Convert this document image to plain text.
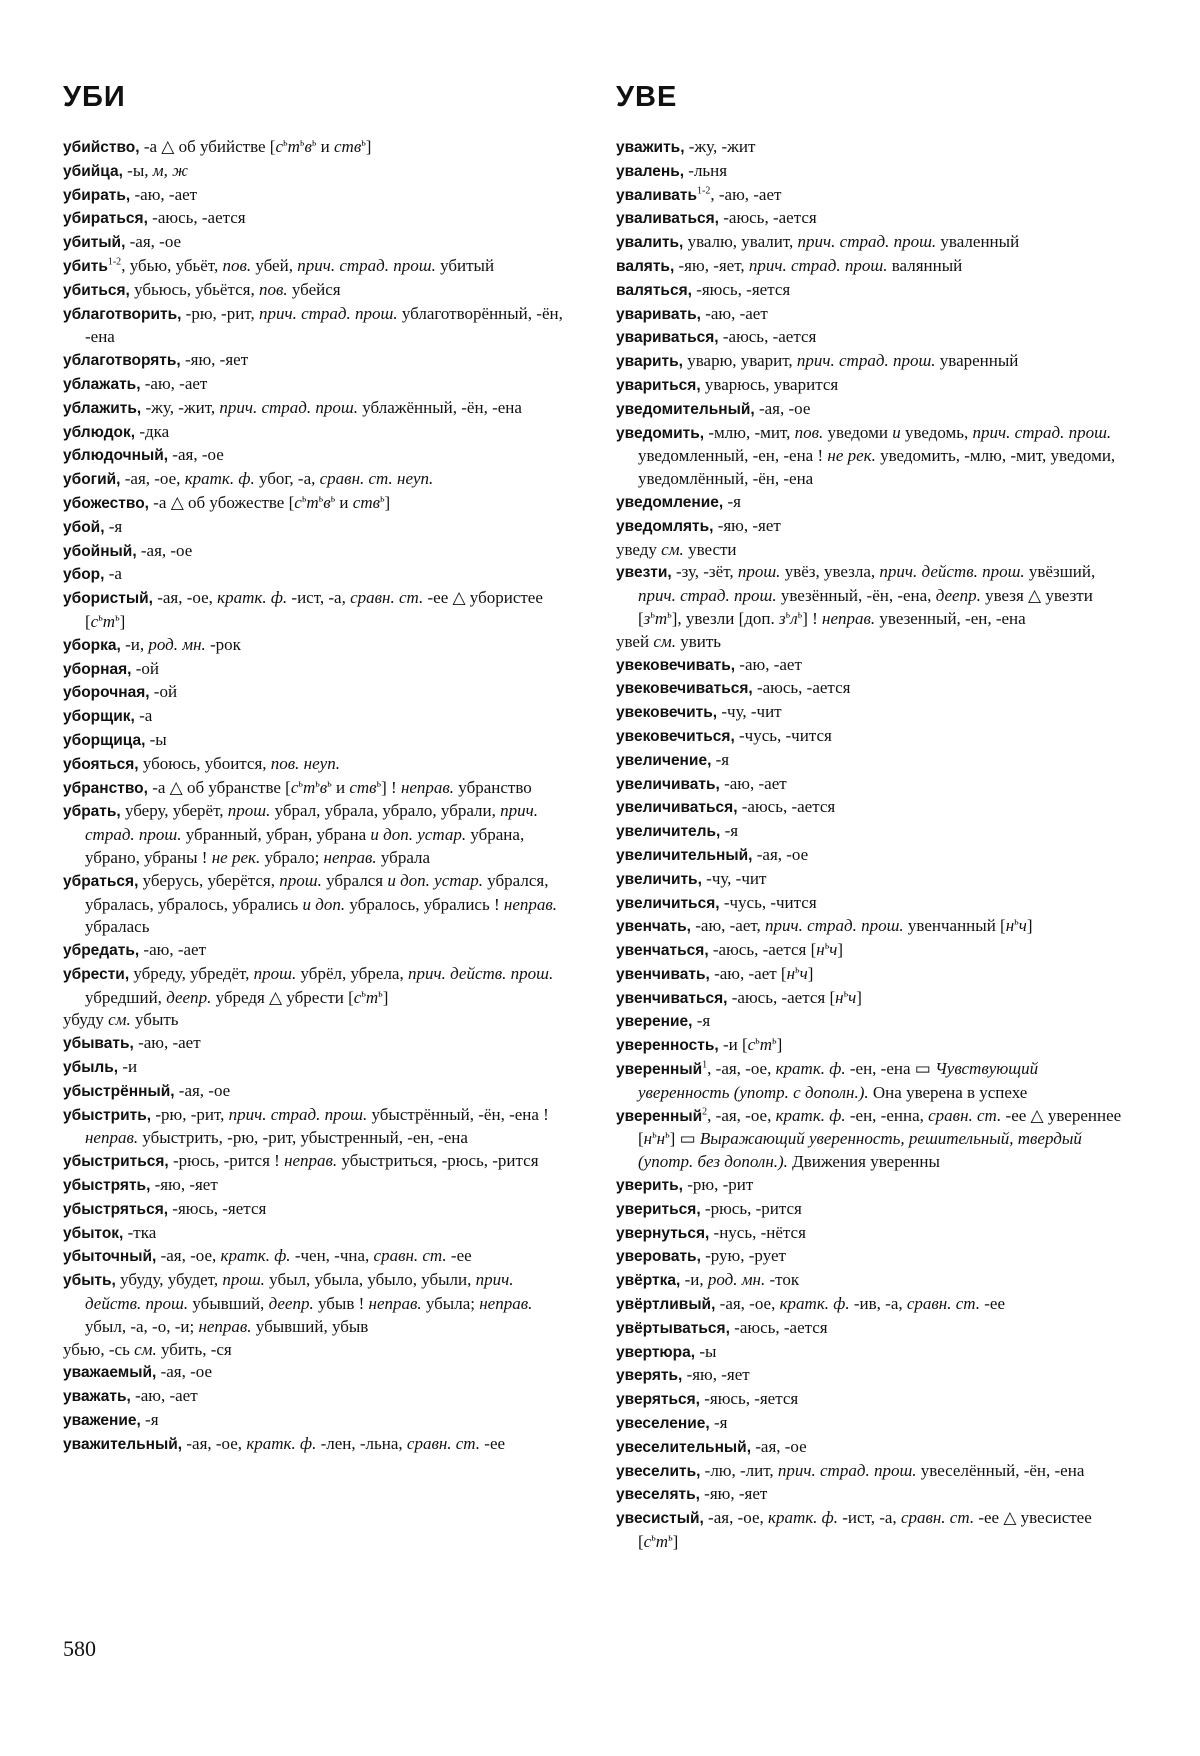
УБИ

убийство, -а △ об убийстве [$с^ьт^ьв^ь$ и ств$^ь$]

убийца, -ы, м, ж

убирать, -аю, -ает

убираться, -аюсь, -ается

убитый, -ая, -ое

убить$^{1-2}$, убью, убьёт, пов. убей, прич. страд. прош. убитый

убиться, убьюсь, убьётся, пов. убейся

ублаготворить, -рю, -рит, прич. страд. прош. ублаготворённый, -ён, -ена

ублаготворять, -яю, -яет

ублажать, -аю, -ает

ублажить, -жу, -жит, прич. страд. прош. ублажённый, -ён, -ена

ублюдок, -дка

ублюдочный, -ая, -ое

убогий, -ая, -ое, кратк. ф. убог, -а, сравн. ст. неуп.

убожество, -а △ об убожестве [$с^ьт^ьв^ь$ и ств$^ь$]

убой, -я

убойный, -ая, -ое

убор, -а

убористый, -ая, -ое, кратк. ф. -ист, -а, сравн. ст. -ее △ убористее $[с^ьт^ь]$

уборка, -и, род. мн. -рок

уборная, -ой

уборочная, -ой

уборщик, -а

уборщица, -ы

убояться, убоюсь, убоится, пов. неуп.

убранство, -а △ об убранстве [$с^ьт^ьв^ь$ и ств$^ь$] ! неправ. убранство

убрать, уберу, уберёт, прош. убрал, убрала, убрало, убрали, прич. страд. прош. убранный, убран, убрана и доп. устар. убрана, убрано, убраны ! не рек. убрало; неправ. убрала

убраться, уберусь, уберётся, прош. убрался и доп. устар. убрался, убралась, убралось, убрались и доп. убралось, убрались ! неправ. убралась

убредать, -аю, -ает

убрести, убреду, убредёт, прош. убрёл, убрела, прич. действ. прош. убредший, деепр. убредя △ убрести $[с^ьт^ь]$

убуду см. убыть

убывать, -аю, -ает

убыль, -и

убыстрённый, -ая, -ое

убыстрить, -рю, -рит, прич. страд. прош. убыстрённый, -ён, -ена ! неправ. убыстрить, -рю, -рит, убыстренный, -ен, -ена

убыстриться, -рюсь, -рится ! неправ. убыстриться, -рюсь, -рится

убыстрять, -яю, -яет

убыстряться, -яюсь, -яется

убыток, -тка

убыточный, -ая, -ое, кратк. ф. -чен, -чна, сравн. ст. -ее

убыть, убуду, убудет, прош. убыл, убыла, убыло, убыли, прич. действ. прош. убывший, деепр. убыв ! неправ. убыла; неправ. убыл, -а, -о, -и; неправ. убывший, убыв

убью, -сь см. убить, -ся

уважаемый, -ая, -ое

уважать, -аю, -ает

уважение, -я

уважительный, -ая, -ое, кратк. ф. -лен, -льна, сравн. ст. -ее

УВЕ

уважить, -жу, -жит

увалень, -льня

уваливать$^{1-2}$, -аю, -ает

уваливаться, -аюсь, -ается

увалить, увалю, увалит, прич. страд. прош. уваленный

валять, -яю, -яет, прич. страд. прош. валянный

валяться, -яюсь, -яется

уваривать, -аю, -ает

увариваться, -аюсь, -ается

уварить, уварю, уварит, прич. страд. прош. уваренный

увариться, уварюсь, уварится

уведомительный, -ая, -ое

уведомить, -млю, -мит, пов. уведоми и уведомь, прич. страд. прош. уведомленный, -ен, -ена ! не рек. уведомить, -млю, -мит, уведоми, уведомлённый, -ён, -ена

уведомление, -я

уведомлять, -яю, -яет

уведу см. увести

увезти, -зу, -зёт, прош. увёз, увезла, прич. действ. прош. увёзший, прич. страд. прош. увезённый, -ён, -ена, деепр. увезя △ увезти $[з^ьт^ь]$, увезли [доп. $з^ьл^ь$] ! неправ. увезенный, -ен, -ена

увей см. увить

увековечивать, -аю, -ает

увековечиваться, -аюсь, -ается

увековечить, -чу, -чит

увековечиться, -чусь, -чится

увеличение, -я

увеличивать, -аю, -ает

увеличиваться, -аюсь, -ается

увеличитель, -я

увеличительный, -ая, -ое

увеличить, -чу, -чит

увеличиться, -чусь, -чится

увенчать, -аю, -ает, прич. страд. прош. увенчанный $[н^ьч]$

увенчаться, -аюсь, -ается $[н^ьч]$

увенчивать, -аю, -ает $[н^ьч]$

увенчиваться, -аюсь, -ается $[н^ьч]$

уверение, -я

уверенность, -и $[с^ьт^ь]$

уверенный$^1$, -ая, -ое, кратк. ф. -ен, -ена ▭ Чувствующий уверенность (употр. с дополн.). Она уверена в успехе

уверенный$^2$, -ая, -ое, кратк. ф. -ен, -енна, сравн. ст. -ее △ увереннее $[н^ьн^ь]$ ▭ Выражающий уверенность, решительный, твердый (употр. без дополн.). Движения уверенны

уверить, -рю, -рит

увериться, -рюсь, -рится

увернуться, -нусь, -нётся

уверовать, -рую, -рует

увёртка, -и, род. мн. -ток

увёртливый, -ая, -ое, кратк. ф. -ив, -а, сравн. ст. -ее

увёртываться, -аюсь, -ается

увертюра, -ы

уверять, -яю, -яет

уверяться, -яюсь, -яется

увеселение, -я

увеселительный, -ая, -ое

увеселить, -лю, -лит, прич. страд. прош. увеселённый, -ён, -ена

увеселять, -яю, -яет

увесистый, -ая, -ое, кратк. ф. -ист, -а, сравн. ст. -ее △ увесистее $[с^ьт^ь]$

580
